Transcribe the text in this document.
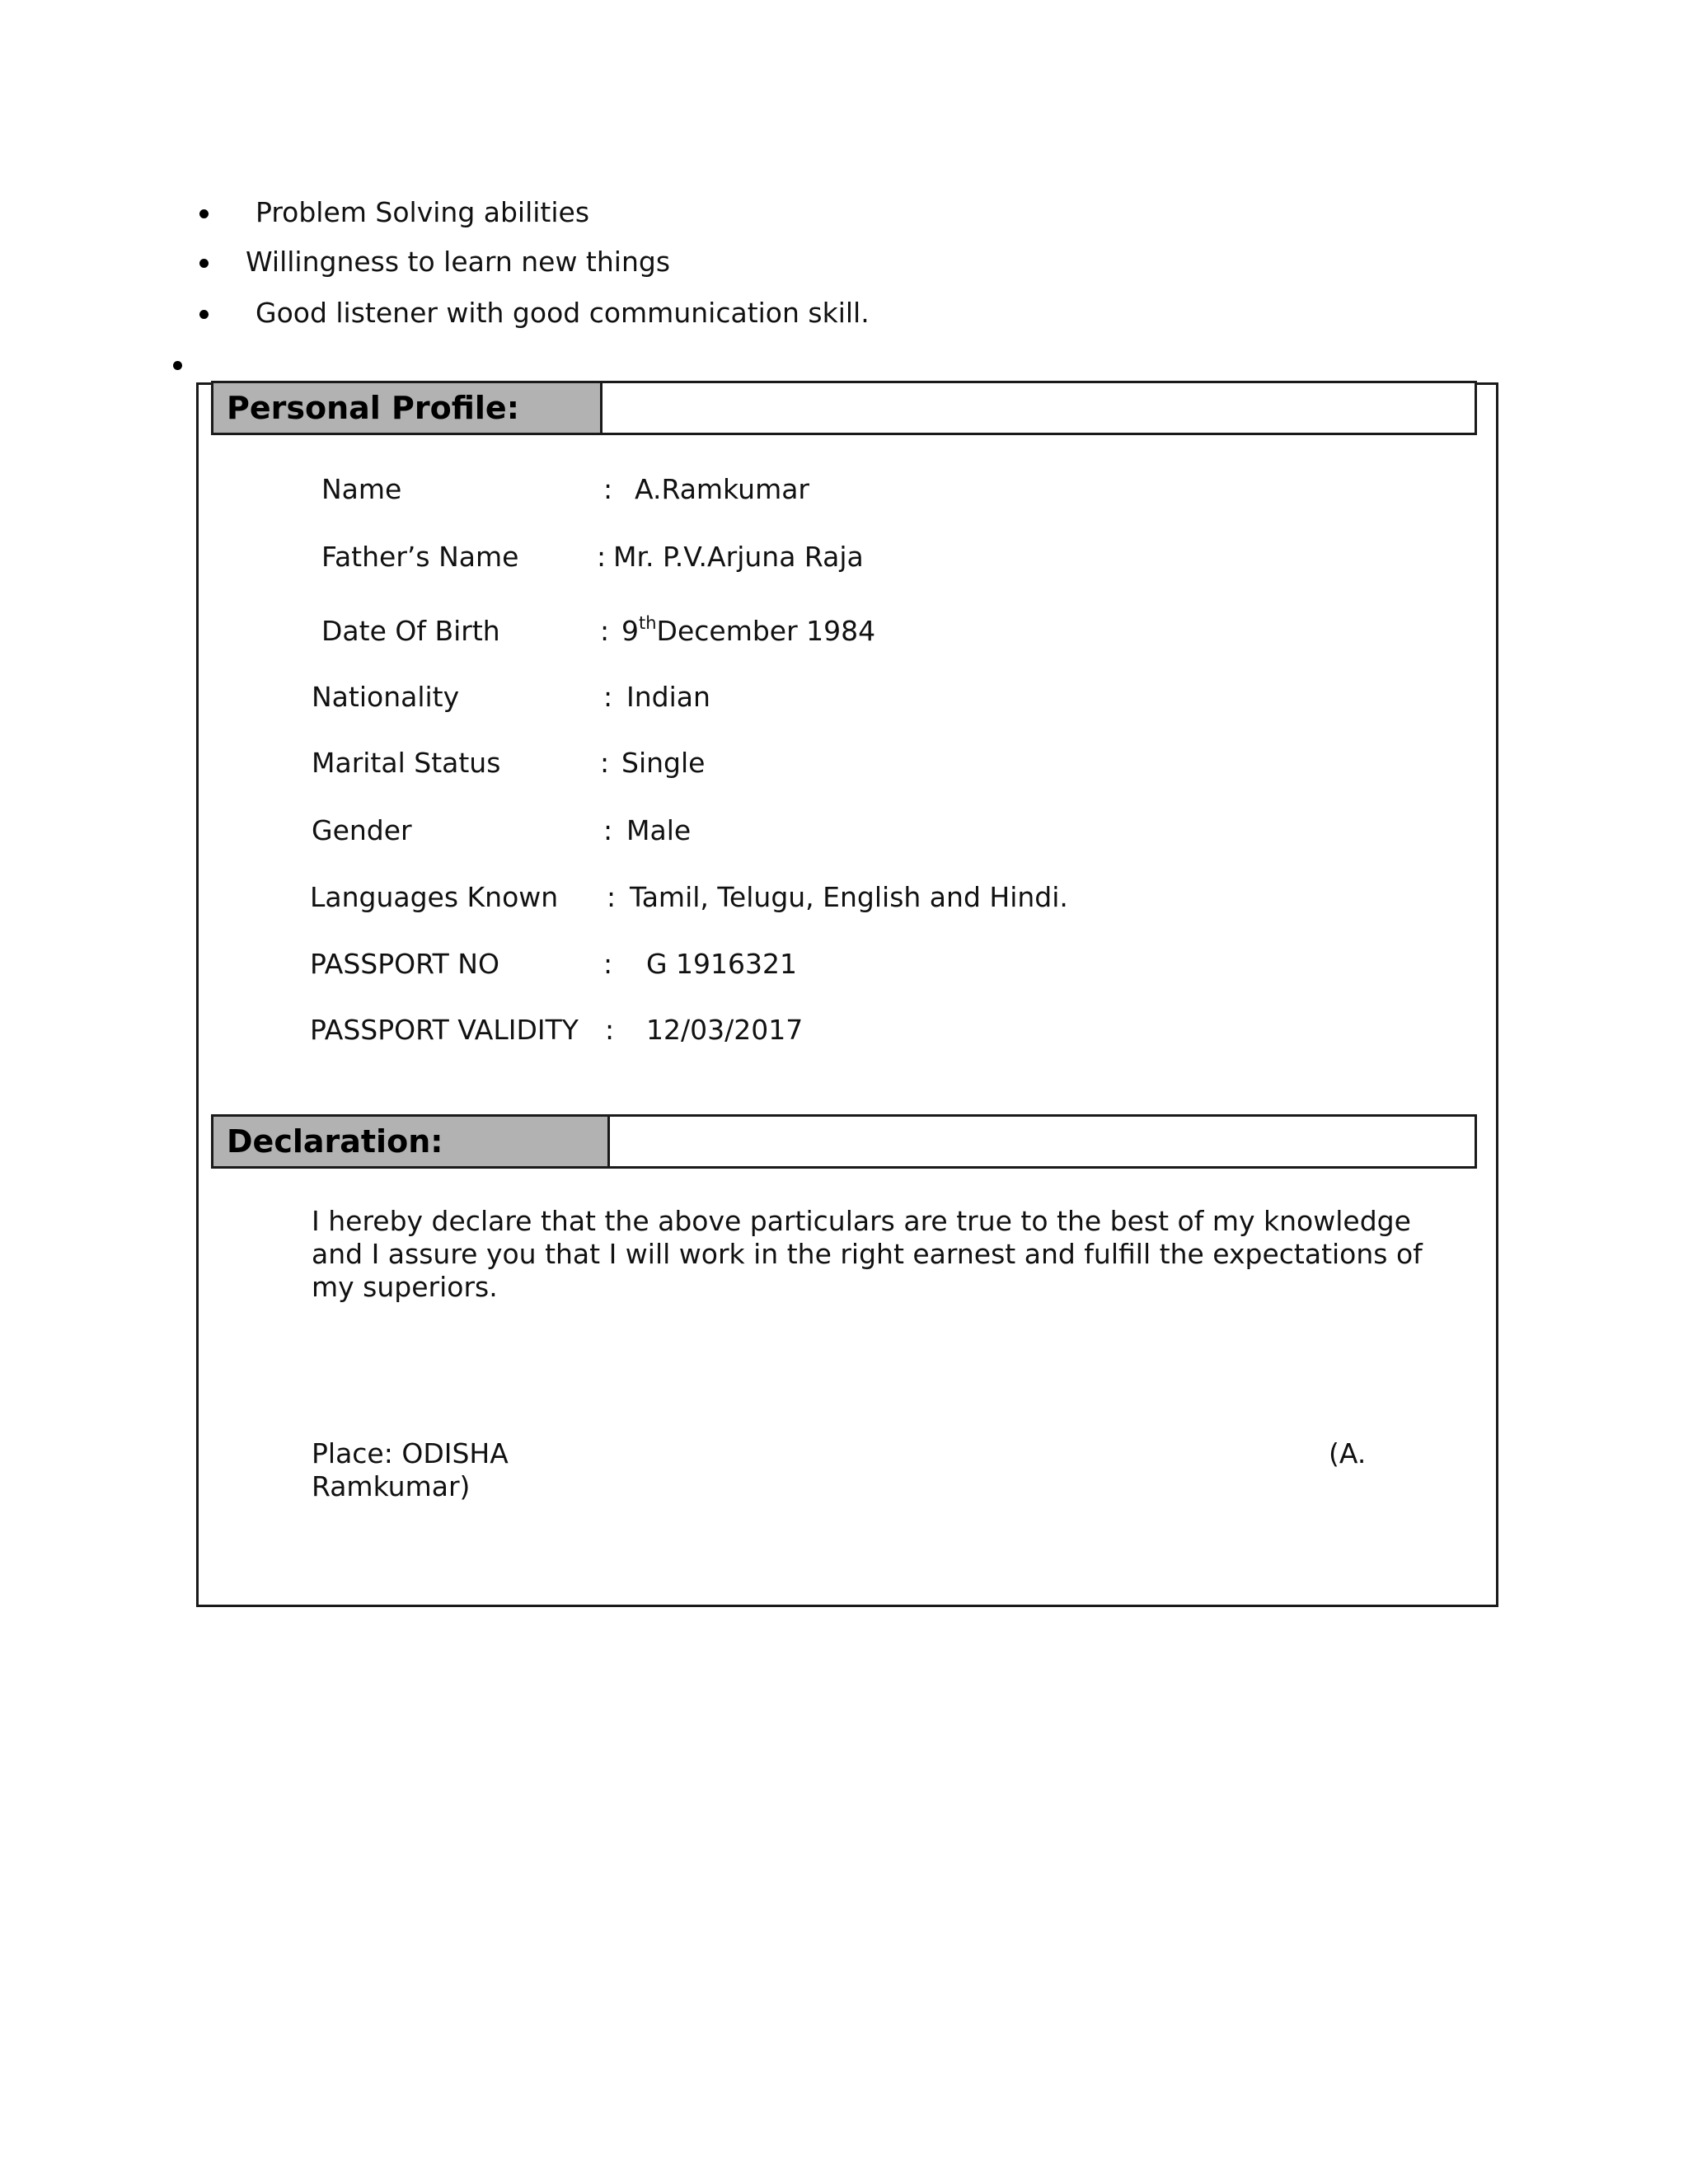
Problem Solving abilities
Willingness to learn new things
Good listener with good communication skill.
Personal Profile:
Name	: A.Ramkumar
Father’s Name	: Mr. P.V.Arjuna Raja
Date Of Birth	: 9thDecember 1984
Nationality	: Indian
Marital Status	: Single
Gender	: Male
Languages Known : Tamil, Telugu, English and Hindi.
PASSPORT NO	: G 1916321
PASSPORT VALIDITY : 12/03/2017
Declaration:
I hereby declare that the above particulars are true to the best of my knowledge
and I assure you that I will work in the right earnest and fulfill the expectations of
my superiors.
Place: ODISHA	(A.
Ramkumar)
